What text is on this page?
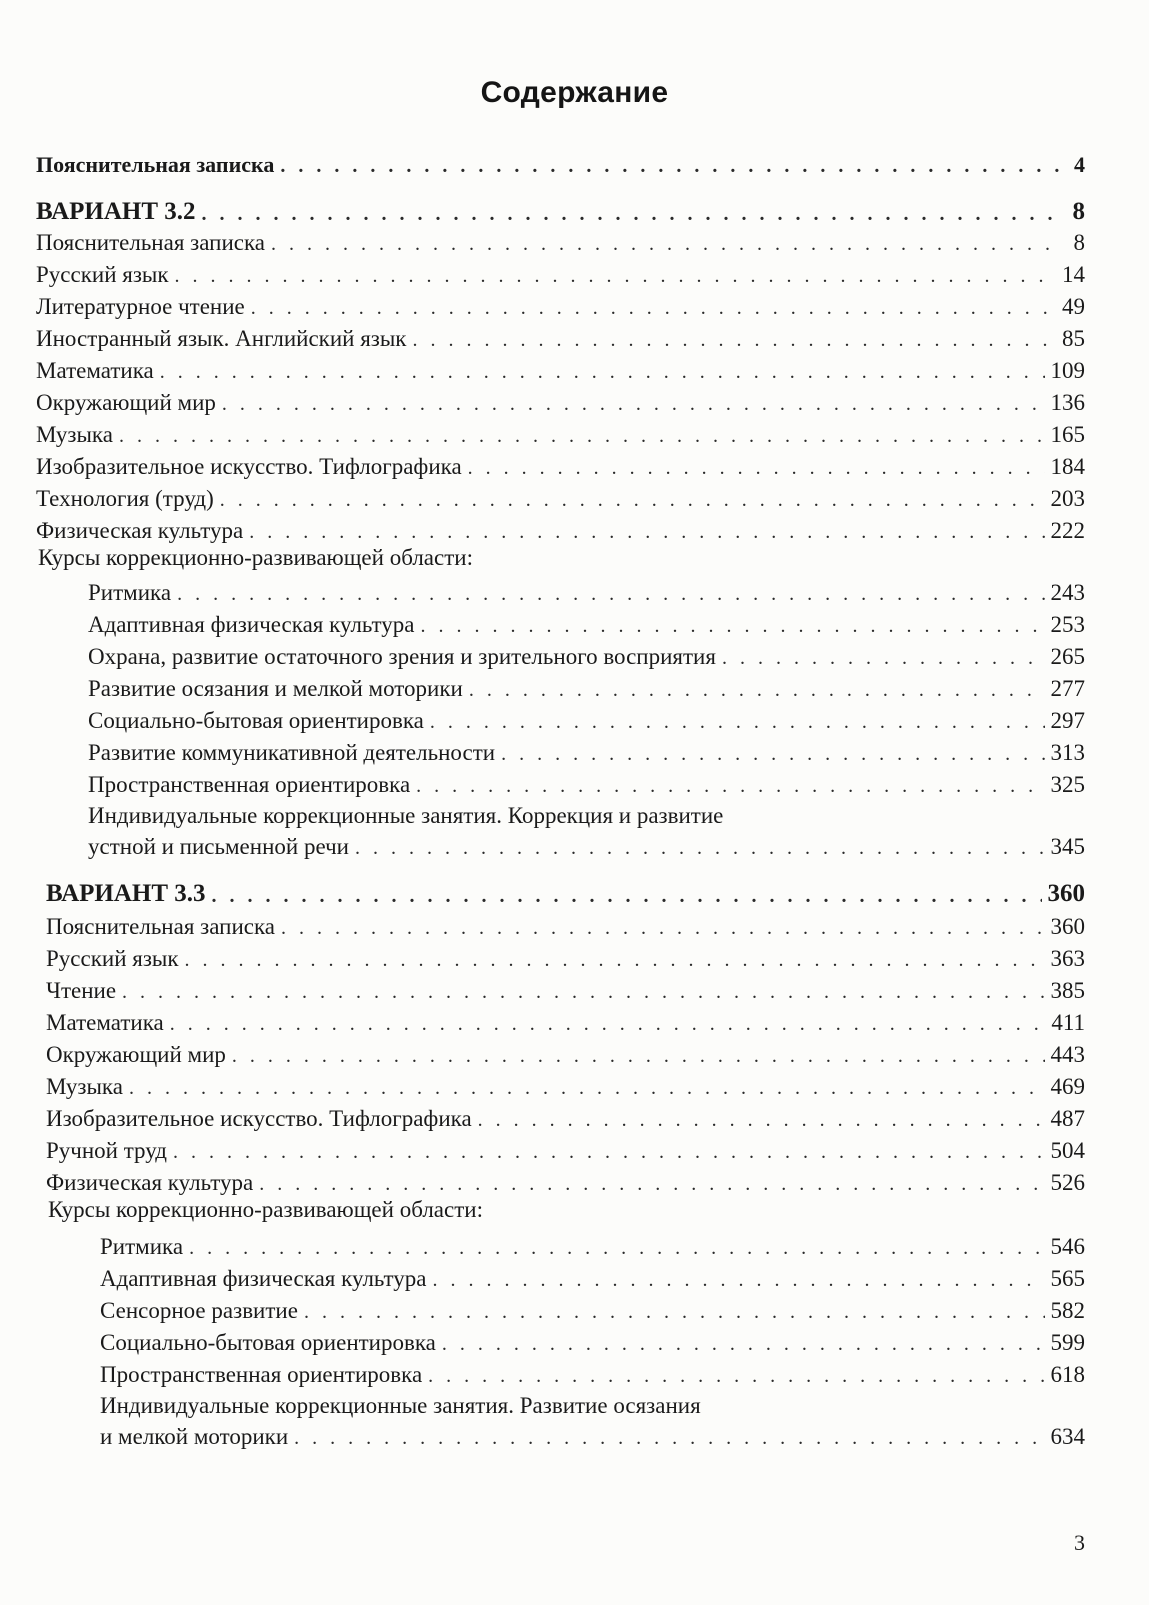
Содержание
Пояснительная записка . . .	4
ВАРИАНТ 3.2 . . .	8
Пояснительная записка . . .	8
Русский язык . . .	14
Литературное чтение . . .	49
Иностранный язык. Английский язык . . .	85
Математика . . .	109
Окружающий мир . . .	136
Музыка . . .	165
Изобразительное искусство. Тифлографика . . .	184
Технология (труд) . . .	203
Физическая культура . . .	222
Курсы коррекционно-развивающей области:
Ритмика . . .	243
Адаптивная физическая культура . . .	253
Охрана, развитие остаточного зрения и зрительного восприятия . . .	265
Развитие осязания и мелкой моторики . . .	277
Социально-бытовая ориентировка . . .	297
Развитие коммуникативной деятельности . . .	313
Пространственная ориентировка . . .	325
Индивидуальные коррекционные занятия. Коррекция и развитие
устной и письменной речи . . .	345
ВАРИАНТ 3.3 . . .	360
Пояснительная записка . . .	360
Русский язык . . .	363
Чтение . . .	385
Математика . . .	411
Окружающий мир . . .	443
Музыка . . .	469
Изобразительное искусство. Тифлографика . . .	487
Ручной труд . . .	504
Физическая культура . . .	526
Курсы коррекционно-развивающей области:
Ритмика . . .	546
Адаптивная физическая культура . . .	565
Сенсорное развитие . . .	582
Социально-бытовая ориентировка . . .	599
Пространственная ориентировка . . .	618
Индивидуальные коррекционные занятия. Развитие осязания
и мелкой моторики . . .	634
3
